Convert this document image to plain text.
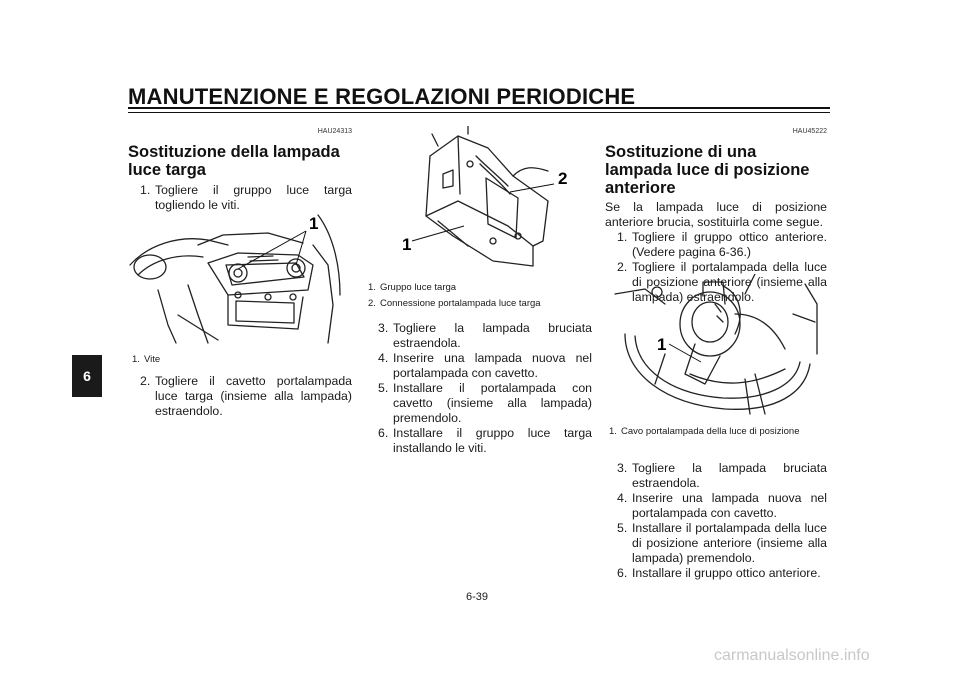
MANUTENZIONE E REGOLAZIONI PERIODICHE
6
HAU24313
Sostituzione della lampada luce targa
1. Togliere il gruppo luce targa togliendo le viti.
1
1. Vite
2. Togliere il cavetto portalampada luce targa (insieme alla lampada) estraendolo.
1
2
1. Gruppo luce targa
2. Connessione portalampada luce targa
3. Togliere la lampada bruciata estraendola.
4. Inserire una lampada nuova nel portalampada con cavetto.
5. Installare il portalampada con cavetto (insieme alla lampada) premendolo.
6. Installare il gruppo luce targa installando le viti.
HAU45222
Sostituzione di una lampada luce di posizione anteriore
Se la lampada luce di posizione anteriore brucia, sostituirla come segue.
1. Togliere il gruppo ottico anteriore. (Vedere pagina 6-36.)
2. Togliere il portalampada della luce di posizione anteriore (insieme alla lampada) estraendolo.
1
1. Cavo portalampada della luce di posizione
3. Togliere la lampada bruciata estraendola.
4. Inserire una lampada nuova nel portalampada con cavetto.
5. Installare il portalampada della luce di posizione anteriore (insieme alla lampada) premendolo.
6. Installare il gruppo ottico anteriore.
6-39
carmanualsonline.info
